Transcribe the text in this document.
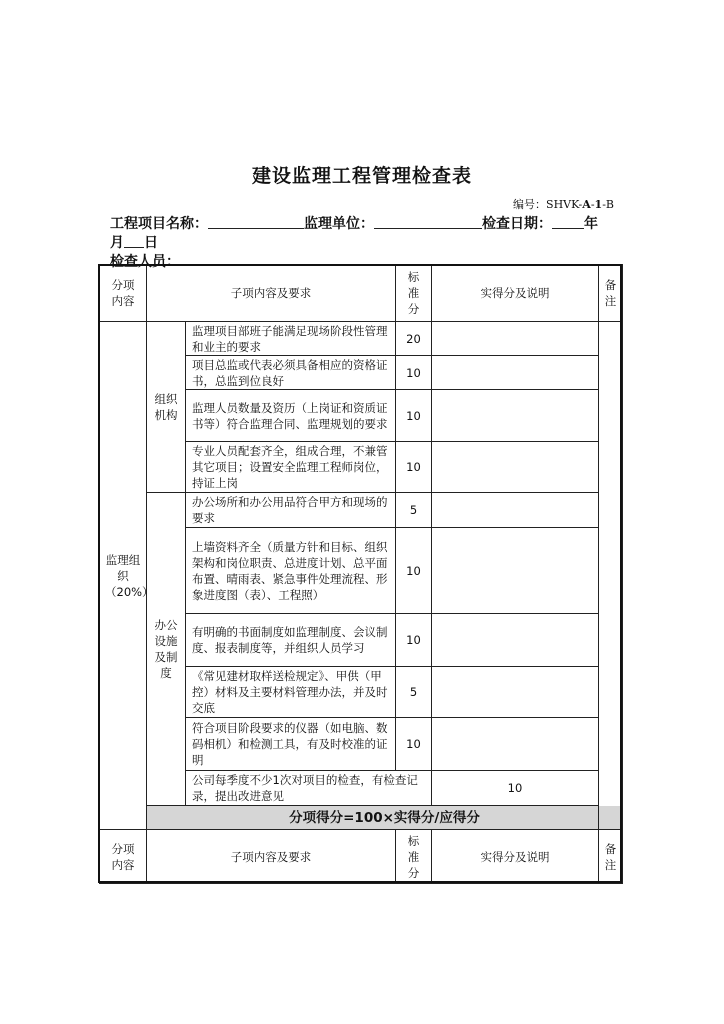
建设监理工程管理检查表
编号：SHVK-A-1-B
工程项目名称：	监理单位：	检查日期： 年
月 日
检查人员：
分项内容	子项内容及要求		标准分	实得分及说明	备注	
监理组织（20%）	组织机构	监理项目部班子能满足现场阶段性管理和业主的要求	20			
		项目总监或代表必须具备相应的资格证书，总监到位良好	10			
		监理人员数量及资历（上岗证和资质证书等）符合监理合同、监理规划的要求	10			
		专业人员配套齐全，组成合理，不兼管其它项目；设置安全监理工程师岗位，持证上岗	10			
	办公设施及制度	办公场所和办公用品符合甲方和现场的要求	5			
		上墙资料齐全（质量方针和目标、组织架构和岗位职责、总进度计划、总平面布置、晴雨表、紧急事件处理流程、形象进度图（表）、工程照）	10			
		有明确的书面制度如监理制度、会议制度、报表制度等，并组织人员学习	10			
		《常见建材取样送检规定》、甲供（甲控）材料及主要材料管理办法，并及时交底	5			
		符合项目阶段要求的仪器（如电脑、数码相机）和检测工具，有及时校准的证明	10			
		公司每季度不少1次对项目的检查，有检查记录，提出改进意见		10		
	分项得分=100×实得分/应得分					
分项内容	子项内容及要求		标准分	实得分及说明	备注	
